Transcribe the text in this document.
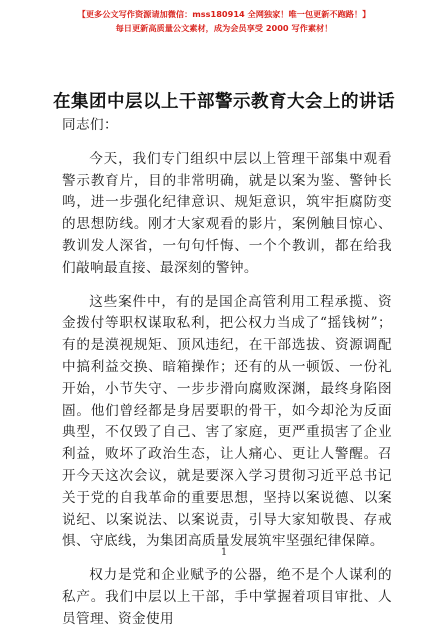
【更多公文写作资源请加微信：mss180914 全网独家！唯一包更新不跑路！】
每日更新高质量公文素材，成为会员享受 2000 写作素材！
在集团中层以上干部警示教育大会上的讲话

同志们：

今天，我们专门组织中层以上管理干部集中观看警示教育片，目的非常明确，就是以案为鉴、警钟长鸣，进一步强化纪律意识、规矩意识，筑牢拒腐防变的思想防线。刚才大家观看的影片，案例触目惊心、教训发人深省，一句句忏悔、一个个教训，都在给我们敲响最直接、最深刻的警钟。

这些案件中，有的是国企高管利用工程承揽、资金拨付等职权谋取私利，把公权力当成了“摇钱树”；有的是漠视规矩、顶风违纪，在干部选拔、资源调配中搞利益交换、暗箱操作；还有的从一顿饭、一份礼开始，小节失守、一步步滑向腐败深渊，最终身陷囹圄。他们曾经都是身居要职的骨干，如今却沦为反面典型，不仅毁了自己、害了家庭，更严重损害了企业利益，败坏了政治生态，让人痛心、更让人警醒。召开今天这次会议，就是要深入学习贯彻习近平总书记关于党的自我革命的重要思想，坚持以案说德、以案说纪、以案说法、以案说责，引导大家知敬畏、存戒惧、守底线，为集团高质量发展筑牢坚强纪律保障。

权力是党和企业赋予的公器，绝不是个人谋利的私产。我们中层以上干部，手中掌握着项目审批、人员管理、资金使用

1
